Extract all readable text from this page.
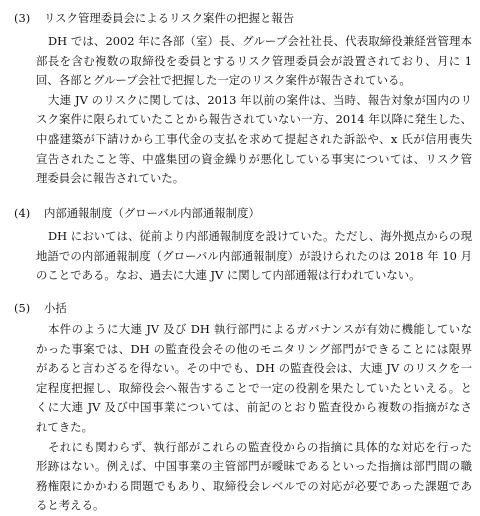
(3)	リスク管理委員会によるリスク案件の把握と報告
DH では、2002 年に各部（室）長、グループ会社社長、代表取締役兼経営管理本
部長を含む複数の取締役を委員とするリスク管理委員会が設置されており、月に 1
回、各部とグループ会社で把握した一定のリスク案件が報告されている。
大連 JV のリスクに関しては、2013 年以前の案件は、当時、報告対象が国内のリ
スク案件に限られていたことから報告されていない一方、2014 年以降に発生した、
中盛建築が下請けから工事代金の支払を求めて提起された訴訟や、x 氏が信用喪失
宣告されたこと等、中盛集団の資金繰りが悪化している事実については、リスク管
理委員会に報告されていた。
(4)	内部通報制度（グローバル内部通報制度）
DH においては、従前より内部通報制度を設けていた。ただし、海外拠点からの現
地語での内部通報制度（グローバル内部通報制度）が設けられたのは 2018 年 10 月
のことである。なお、過去に大連 JV に関して内部通報は行われていない。
(5)	小括
本件のように大連 JV 及び DH 執行部門によるガバナンスが有効に機能していな
かった事案では、DH の監査役会その他のモニタリング部門ができることには限界
があると言わざるを得ない。その中でも、DH の監査役会は、大連 JV のリスクを一
定程度把握し、取締役会へ報告することで一定の役割を果たしていたといえる。と
くに大連 JV 及び中国事業については、前記のとおり監査役から複数の指摘がなさ
れてきた。
それにも関わらず、執行部がこれらの監査役からの指摘に具体的な対応を行った
形跡はない。例えば、中国事業の主管部門が曖昧であるといった指摘は部門間の職
務権限にかかわる問題でもあり、取締役会レベルでの対応が必要であった課題であ
ると考える。
